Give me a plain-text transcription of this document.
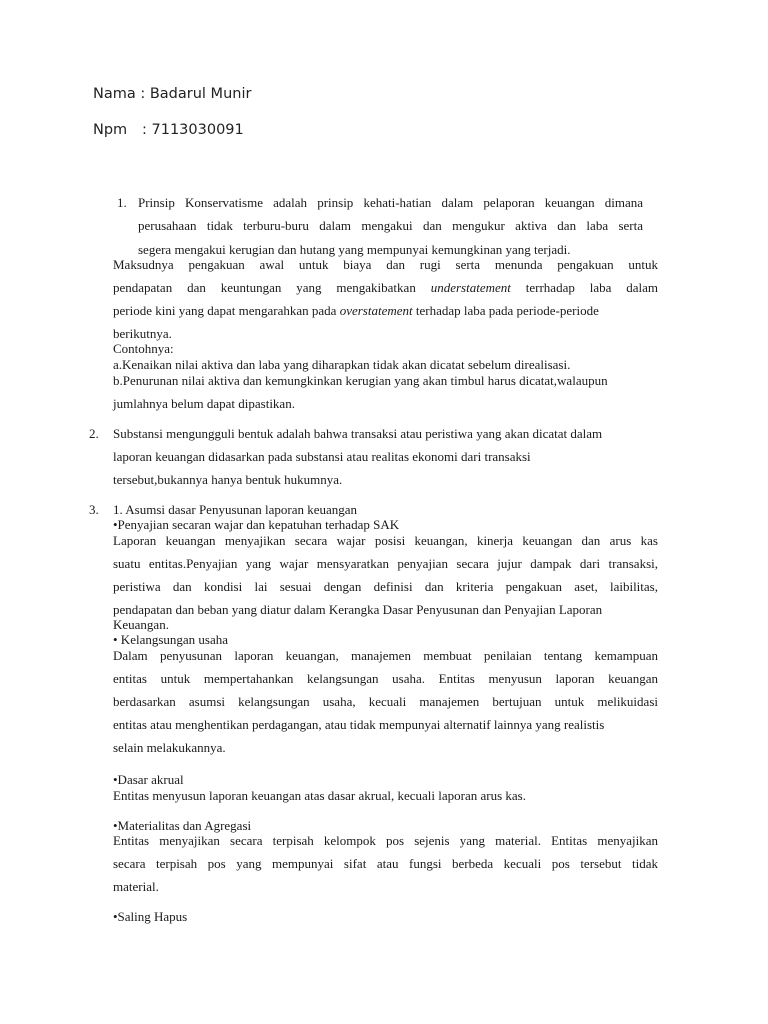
Nama : Badarul Munir
Npm : 7113030091
1. Prinsip Konservatisme adalah prinsip kehati-hatian dalam pelaporan keuangan dimana
perusahaan tidak terburu-buru dalam mengakui dan mengukur aktiva dan laba serta
segera mengakui kerugian dan hutang yang mempunyai kemungkinan yang terjadi.
Maksudnya pengakuan awal untuk biaya dan rugi serta menunda pengakuan untuk
pendapatan dan keuntungan yang mengakibatkan understatement terrhadap laba dalam
periode kini yang dapat mengarahkan pada overstatement terhadap laba pada periode-periode
berikutnya.
Contohnya:
a.Kenaikan nilai aktiva dan laba yang diharapkan tidak akan dicatat sebelum direalisasi.
b.Penurunan nilai aktiva dan kemungkinkan kerugian yang akan timbul harus dicatat,walaupun
jumlahnya belum dapat dipastikan.
2. Substansi mengungguli bentuk adalah bahwa transaksi atau peristiwa yang akan dicatat dalam
laporan keuangan didasarkan pada substansi atau realitas ekonomi dari transaksi
tersebut,bukannya hanya bentuk hukumnya.
3. 1. Asumsi dasar Penyusunan laporan keuangan
•Penyajian secaran wajar dan kepatuhan terhadap SAK
Laporan keuangan menyajikan secara wajar posisi keuangan, kinerja keuangan dan arus kas
suatu entitas.Penyajian yang wajar mensyaratkan penyajian secara jujur dampak dari transaksi,
peristiwa dan kondisi lai sesuai dengan definisi dan kriteria pengakuan aset, laibilitas,
pendapatan dan beban yang diatur dalam Kerangka Dasar Penyusunan dan Penyajian Laporan
Keuangan.
• Kelangsungan usaha
Dalam penyusunan laporan keuangan, manajemen membuat penilaian tentang kemampuan
entitas untuk mempertahankan kelangsungan usaha. Entitas menyusun laporan keuangan
berdasarkan asumsi kelangsungan usaha, kecuali manajemen bertujuan untuk melikuidasi
entitas atau menghentikan perdagangan, atau tidak mempunyai alternatif lainnya yang realistis
selain melakukannya.
•Dasar akrual
Entitas menyusun laporan keuangan atas dasar akrual, kecuali laporan arus kas.
•Materialitas dan Agregasi
Entitas menyajikan secara terpisah kelompok pos sejenis yang material. Entitas menyajikan
secara terpisah pos yang mempunyai sifat atau fungsi berbeda kecuali pos tersebut tidak
material.
•Saling Hapus
